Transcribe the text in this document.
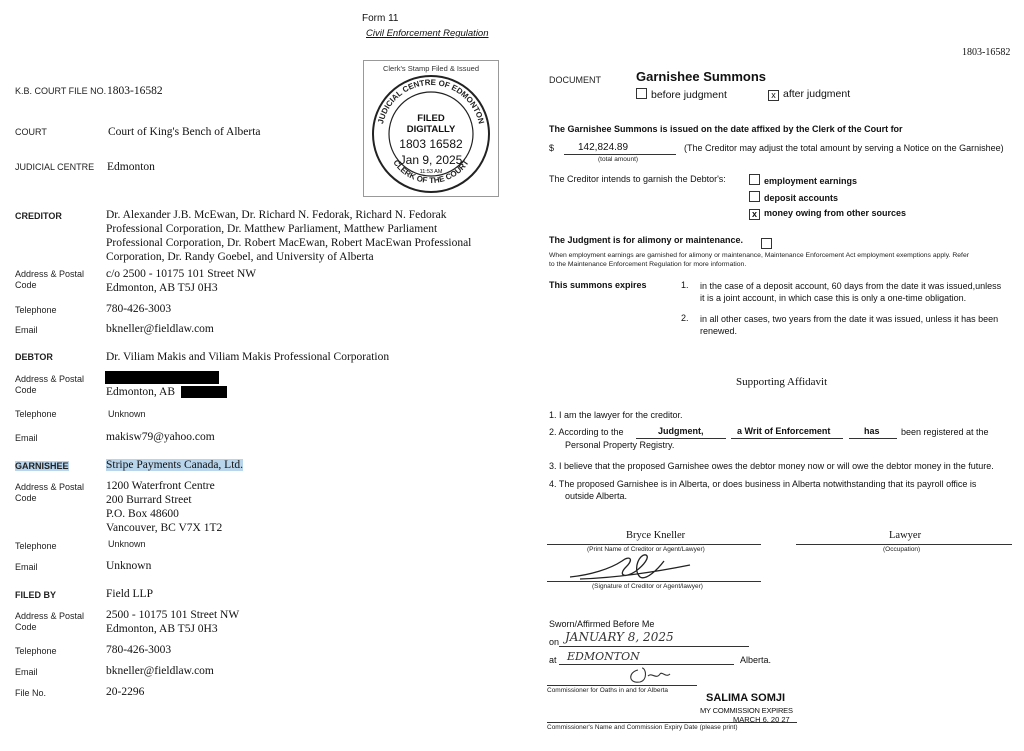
Form 11
Civil Enforcement Regulation
1803-16582
Clerk's Stamp Filed & Issued
JUDICIAL CENTRE OF EDMONTON
CLERK OF THE COURT
FILED
DIGITALLY
1803 16582
Jan 9, 2025
11:53 AM
K.B. COURT FILE NO. 1803-16582
COURT	Court of King's Bench of Alberta
JUDICIAL CENTRE Edmonton
CREDITOR	Dr. Alexander J.B. McEwan, Dr. Richard N. Fedorak, Richard N. Fedorak
Professional Corporation, Dr. Matthew Parliament, Matthew Parliament
Professional Corporation, Dr. Robert MacEwan, Robert MacEwan Professional
Corporation, Dr. Randy Goebel, and University of Alberta
Address & Postal
Code
c/o 2500 - 10175 101 Street NW
Edmonton, AB T5J 0H3
Telephone	780-426-3003
Email	bkneller@fieldlaw.com
DEBTOR	Dr. Viliam Makis and Viliam Makis Professional Corporation
Address & Postal
Code	Edmonton, AB
Telephone	Unknown
Email	makisw79@yahoo.com
GARNISHEE	Stripe Payments Canada, Ltd.
Address & Postal
Code
1200 Waterfront Centre
200 Burrard Street
P.O. Box 48600
Vancouver, BC V7X 1T2
Telephone	Unknown
Email	Unknown
FILED BY	Field LLP
Address & Postal
Code
2500 - 10175 101 Street NW
Edmonton, AB T5J 0H3
Telephone	780-426-3003
Email	bkneller@fieldlaw.com
File No.	20-2296
DOCUMENT	Garnishee Summons
before judgment	x after judgment
The Garnishee Summons is issued on the date affixed by the Clerk of the Court for
$ 142,824.89
(total amount)
(The Creditor may adjust the total amount by serving a Notice on the Garnishee)
The Creditor intends to garnish the Debtor's:	employment earnings
deposit accounts
x money owing from other sources
The Judgment is for alimony or maintenance.
When employment earnings are garnished for alimony or maintenance, Maintenance Enforcement Act employment exemptions apply. Refer
to the Maintenance Enforcement Regulation for more information.
This summons expires	1. in the case of a deposit account, 60 days from the date it was issued,unless
it is a joint account, in which case this is only a one-time obligation.
2. in all other cases, two years from the date it was issued, unless it has been
renewed.
Supporting Affidavit
1. I am the lawyer for the creditor.
2. According to the	Judgment,	a Writ of Enforcement	has been registered at the
Personal Property Registry.
3. I believe that the proposed Garnishee owes the debtor money now or will owe the debtor money in the future.
4. The proposed Garnishee is in Alberta, or does business in Alberta notwithstanding that its payroll office is
outside Alberta.
Bryce Kneller
(Print Name of Creditor or Agent/Lawyer)
Lawyer
(Occupation)
(Signature of Creditor or Agent/lawyer)
Sworn/Affirmed Before Me
on JANUARY 8, 2025
at EDMONTON	Alberta.
Commissioner for Oaths in and for Alberta
SALIMA SOMJI
MY COMMISSION EXPIRES
MARCH 6, 20 27
Commissioner's Name and Commission Expiry Date (please print)
